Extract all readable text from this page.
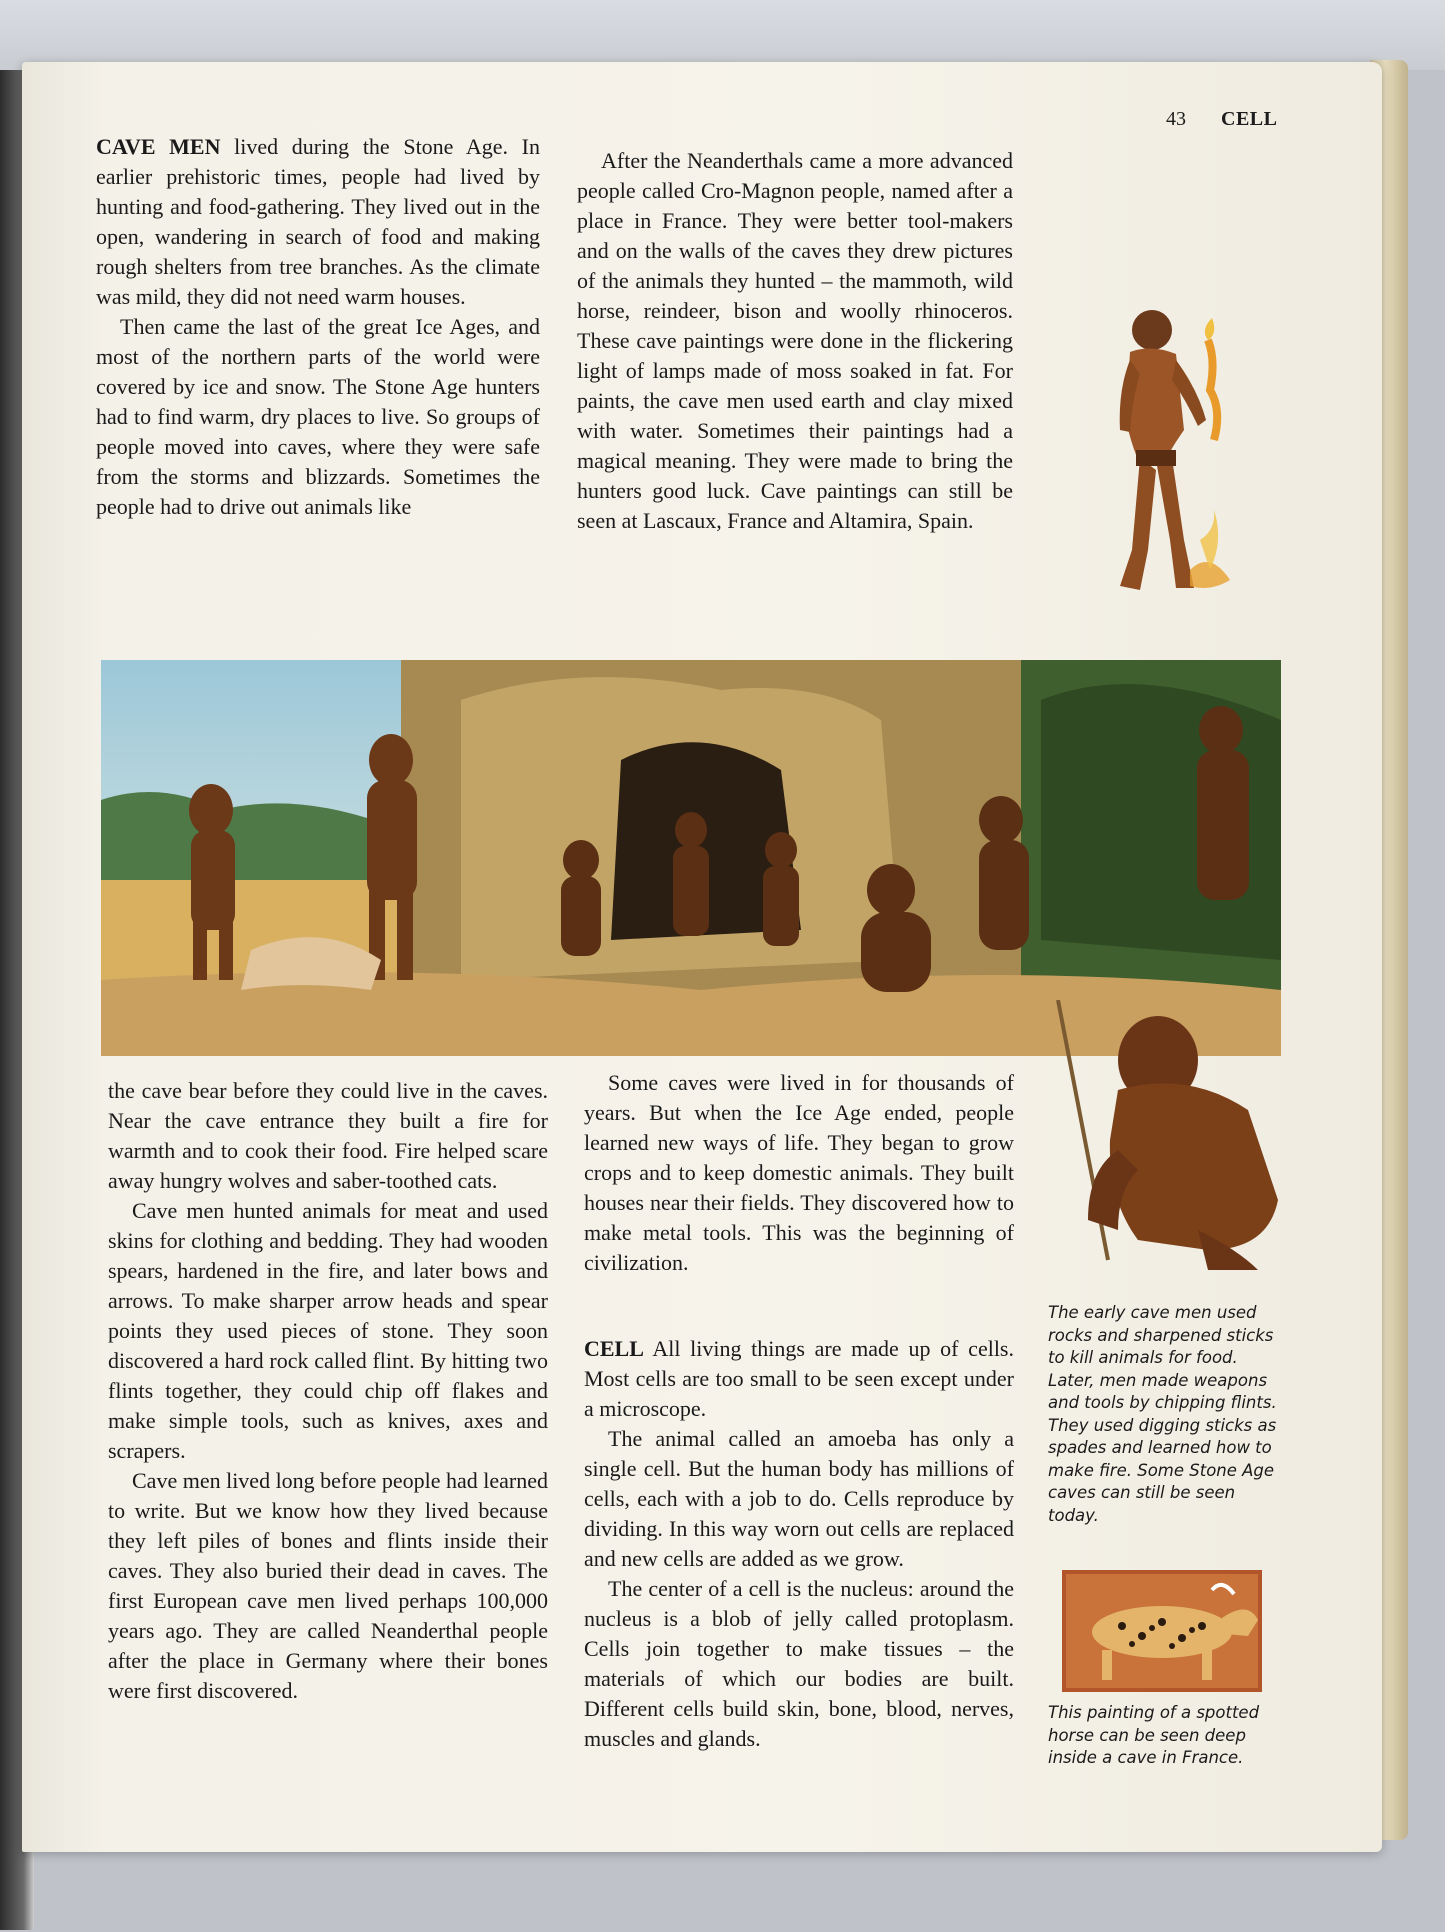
43 CELL

CAVE MEN lived during the Stone Age. In earlier prehistoric times, people had lived by hunting and food-gathering. They lived out in the open, wandering in search of food and making rough shelters from tree branches. As the climate was mild, they did not need warm houses.

Then came the last of the great Ice Ages, and most of the northern parts of the world were covered by ice and snow. The Stone Age hunters had to find warm, dry places to live. So groups of people moved into caves, where they were safe from the storms and blizzards. Sometimes the people had to drive out animals like

After the Neanderthals came a more advanced people called Cro-Magnon people, named after a place in France. They were better tool-makers and on the walls of the caves they drew pictures of the animals they hunted – the mammoth, wild horse, reindeer, bison and woolly rhinoceros. These cave paintings were done in the flickering light of lamps made of moss soaked in fat. For paints, the cave men used earth and clay mixed with water. Sometimes their paintings had a magical meaning. They were made to bring the hunters good luck. Cave paintings can still be seen at Lascaux, France and Altamira, Spain.

the cave bear before they could live in the caves. Near the cave entrance they built a fire for warmth and to cook their food. Fire helped scare away hungry wolves and saber-toothed cats.

Cave men hunted animals for meat and used skins for clothing and bedding. They had wooden spears, hardened in the fire, and later bows and arrows. To make sharper arrow heads and spear points they used pieces of stone. They soon discovered a hard rock called flint. By hitting two flints together, they could chip off flakes and make simple tools, such as knives, axes and scrapers.

Cave men lived long before people had learned to write. But we know how they lived because they left piles of bones and flints inside their caves. They also buried their dead in caves. The first European cave men lived perhaps 100,000 years ago. They are called Neanderthal people after the place in Germany where their bones were first discovered.

Some caves were lived in for thousands of years. But when the Ice Age ended, people learned new ways of life. They began to grow crops and to keep domestic animals. They built houses near their fields. They discovered how to make metal tools. This was the beginning of civilization.

CELL All living things are made up of cells. Most cells are too small to be seen except under a microscope.

The animal called an amoeba has only a single cell. But the human body has millions of cells, each with a job to do. Cells reproduce by dividing. In this way worn out cells are replaced and new cells are added as we grow.

The center of a cell is the nucleus: around the nucleus is a blob of jelly called protoplasm. Cells join together to make tissues – the materials of which our bodies are built. Different cells build skin, bone, blood, nerves, muscles and glands.

The early cave men used rocks and sharpened sticks to kill animals for food. Later, men made weapons and tools by chipping flints. They used digging sticks as spades and learned how to make fire. Some Stone Age caves can still be seen today.
This painting of a spotted horse can be seen deep inside a cave in France.
